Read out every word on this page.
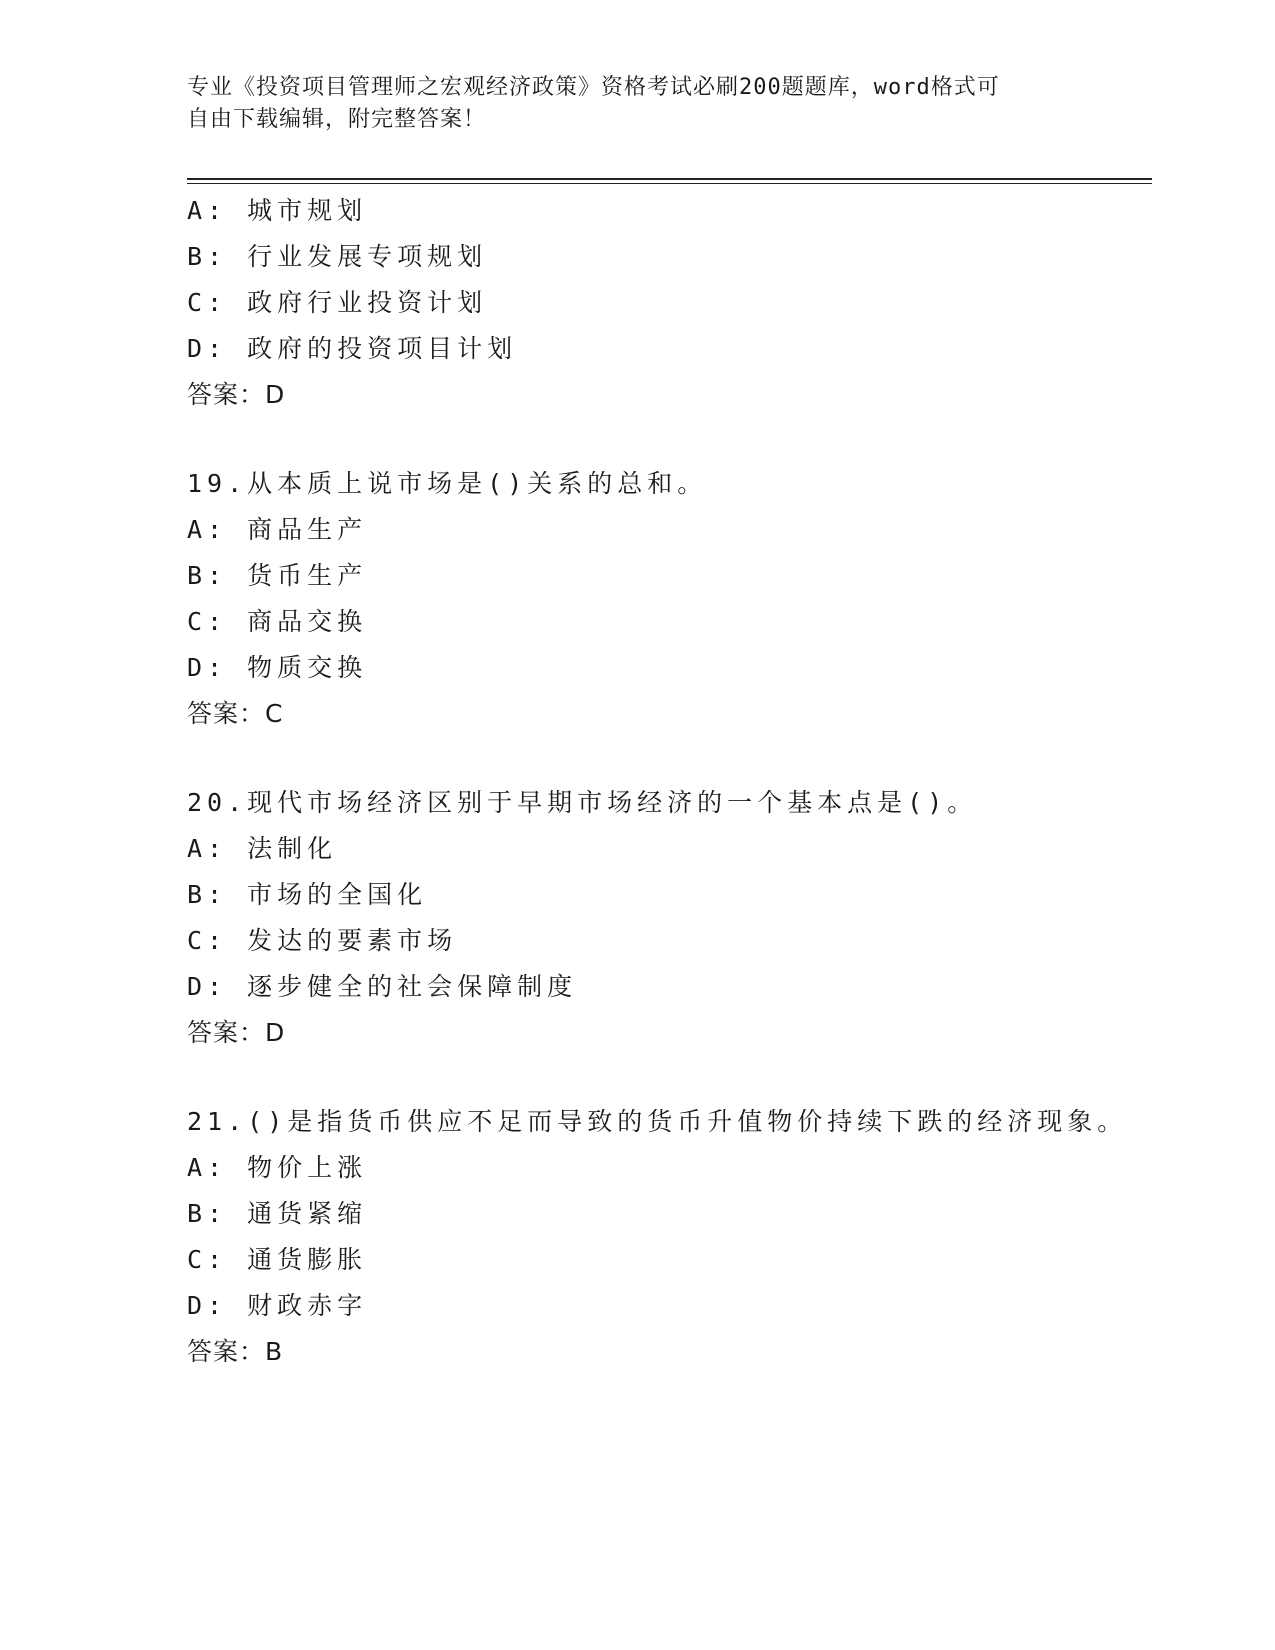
专业《投资项目管理师之宏观经济政策》资格考试必刷200题题库，word格式可
自由下载编辑，附完整答案！
A: 城市规划
B: 行业发展专项规划
C: 政府行业投资计划
D: 政府的投资项目计划
答案：D
19.从本质上说市场是()关系的总和。
A: 商品生产
B: 货币生产
C: 商品交换
D: 物质交换
答案：C
20.现代市场经济区别于早期市场经济的一个基本点是()。
A: 法制化
B: 市场的全国化
C: 发达的要素市场
D: 逐步健全的社会保障制度
答案：D
21.()是指货币供应不足而导致的货币升值物价持续下跌的经济现象。
A: 物价上涨
B: 通货紧缩
C: 通货膨胀
D: 财政赤字
答案：B
